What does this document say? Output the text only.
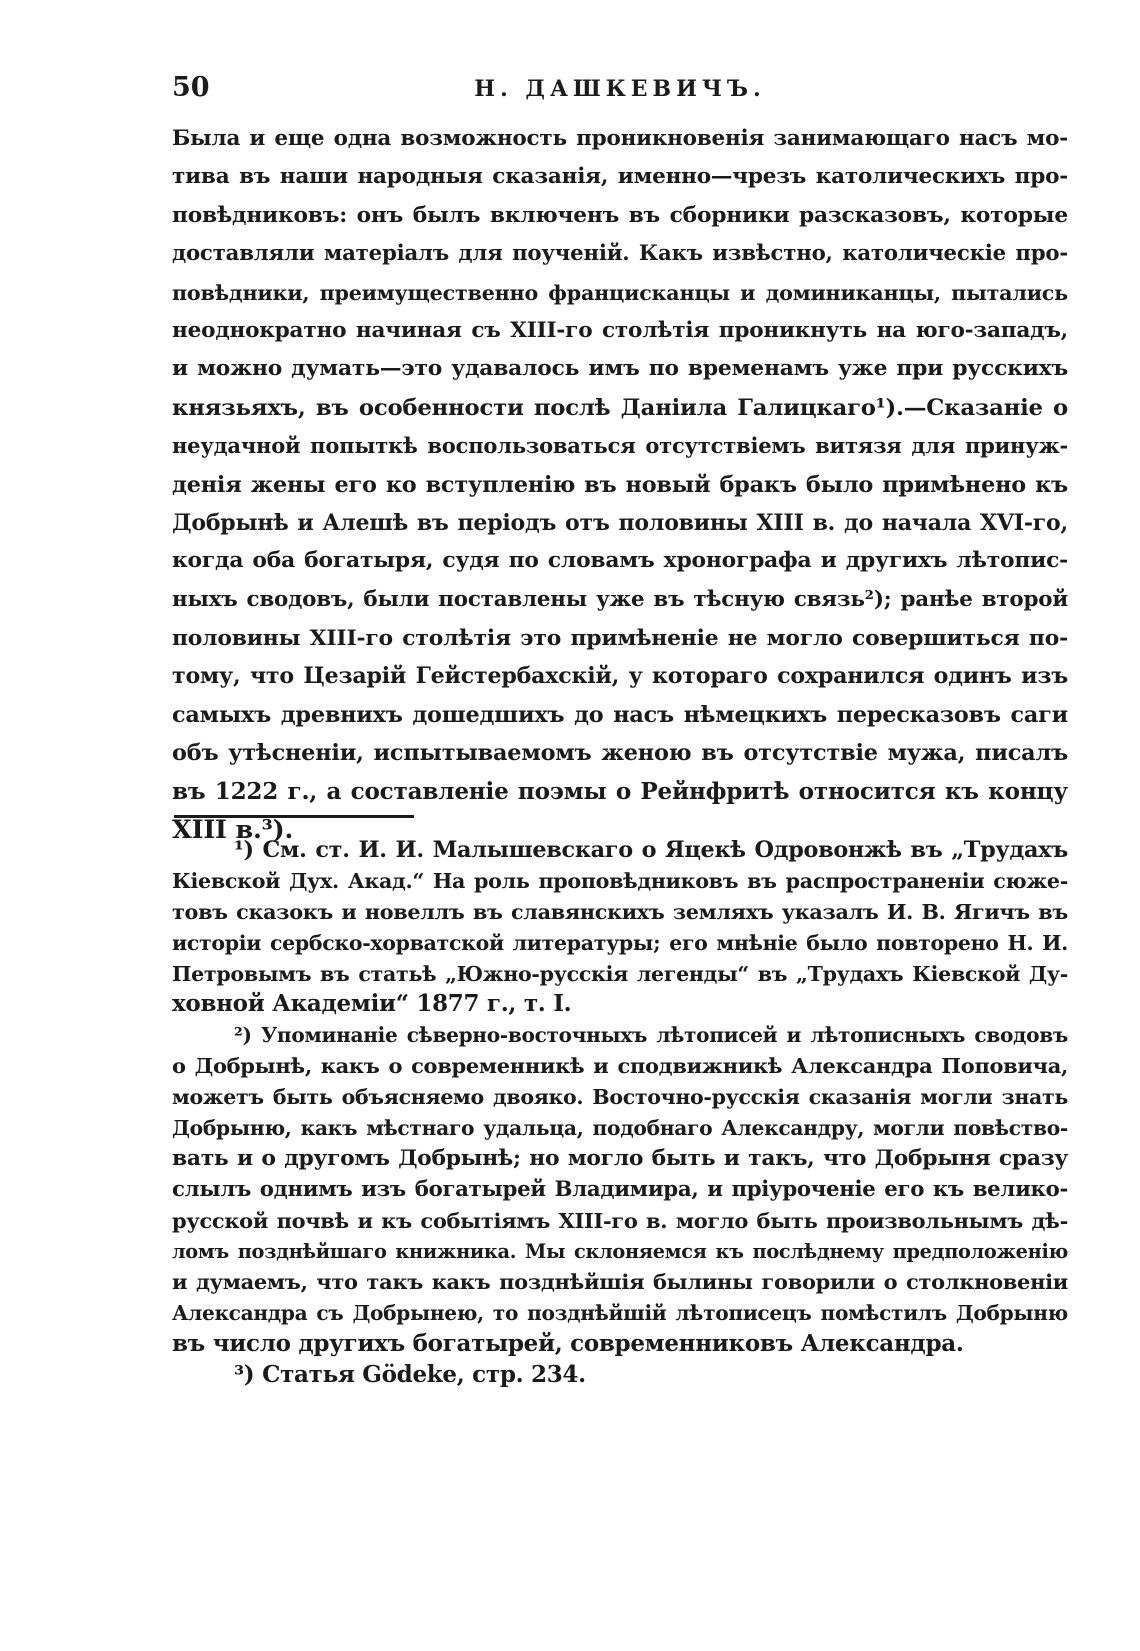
50	Н. ДАШКЕВИЧЪ.
Была и еще одна возможность проникновенія занимающаго насъ мо-
тива въ наши народныя сказанія, именно—чрезъ католическихъ про-
повѣдниковъ: онъ былъ включенъ въ сборники разсказовъ, которые
доставляли матеріалъ для поученій. Какъ извѣстно, католическіе про-
повѣдники, преимущественно францисканцы и доминиканцы, пытались
неоднократно начиная съ XIII-го столѣтія проникнуть на юго-западъ,
и можно думать—это удавалось имъ по временамъ уже при русскихъ
князьяхъ, въ особенности послѣ Даніила Галицкаго¹).—Сказаніе о
неудачной попыткѣ воспользоваться отсутствіемъ витязя для принуж-
денія жены его ко вступленію въ новый бракъ было примѣнено къ
Добрынѣ и Алешѣ въ періодъ отъ половины XIII в. до начала XVI-го,
когда оба богатыря, судя по словамъ хронографа и другихъ лѣтопис-
ныхъ сводовъ, были поставлены уже въ тѣсную связь²); ранѣе второй
половины XIII-го столѣтія это примѣненіе не могло совершиться по-
тому, что Цезарій Гейстербахскій, у котораго сохранился одинъ изъ
самыхъ древнихъ дошедшихъ до насъ нѣмецкихъ пересказовъ саги
объ утѣсненіи, испытываемомъ женою въ отсутствіе мужа, писалъ
въ 1222 г., а составленіе поэмы о Рейнфритѣ относится къ концу
XIII в.³).
¹) См. ст. И. И. Малышевскаго о Яцекѣ Одровонжѣ въ „Трудахъ
Кіевской Дух. Акад.“ На роль проповѣдниковъ въ распространеніи сюже-
товъ сказокъ и новеллъ въ славянскихъ земляхъ указалъ И. В. Ягичъ въ
исторіи сербско-хорватской литературы; его мнѣніе было повторено Н. И.
Петровымъ въ статьѣ „Южно-русскія легенды“ въ „Трудахъ Кіевской Ду-
ховной Академіи“ 1877 г., т. I.
²) Упоминаніе сѣверно-восточныхъ лѣтописей и лѣтописныхъ сводовъ
о Добрынѣ, какъ о современникѣ и сподвижникѣ Александра Поповича,
можетъ быть объясняемо двояко. Восточно-русскія сказанія могли знать
Добрыню, какъ мѣстнаго удальца, подобнаго Александру, могли повѣство-
вать и о другомъ Добрынѣ; но могло быть и такъ, что Добрыня сразу
слылъ однимъ изъ богатырей Владимира, и пріуроченіе его къ велико-
русской почвѣ и къ событіямъ XIII-го в. могло быть произвольнымъ дѣ-
ломъ позднѣйшаго книжника. Мы склоняемся къ послѣднему предположенію
и думаемъ, что такъ какъ позднѣйшія былины говорили о столкновеніи
Александра съ Добрынею, то позднѣйшій лѣтописецъ помѣстилъ Добрыню
въ число другихъ богатырей, современниковъ Александра.
³) Статья Gödeke, стр. 234.
